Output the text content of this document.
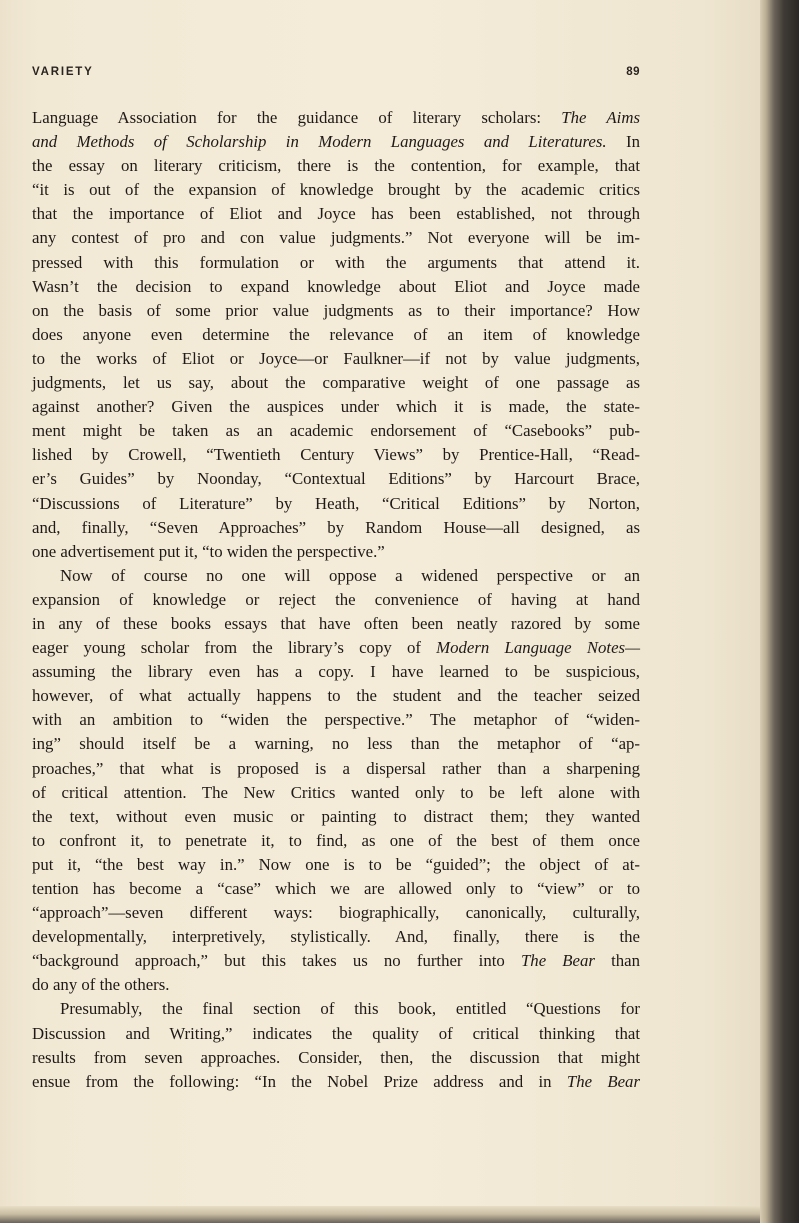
VARIETY	89
Language Association for the guidance of literary scholars: The Aims
and Methods of Scholarship in Modern Languages and Literatures. In
the essay on literary criticism, there is the contention, for example, that
“it is out of the expansion of knowledge brought by the academic critics
that the importance of Eliot and Joyce has been established, not through
any contest of pro and con value judgments.” Not everyone will be im-
pressed with this formulation or with the arguments that attend it.
Wasn’t the decision to expand knowledge about Eliot and Joyce made
on the basis of some prior value judgments as to their importance? How
does anyone even determine the relevance of an item of knowledge
to the works of Eliot or Joyce—or Faulkner—if not by value judgments,
judgments, let us say, about the comparative weight of one passage as
against another? Given the auspices under which it is made, the state-
ment might be taken as an academic endorsement of “Casebooks” pub-
lished by Crowell, “Twentieth Century Views” by Prentice-Hall, “Read-
er’s Guides” by Noonday, “Contextual Editions” by Harcourt Brace,
“Discussions of Literature” by Heath, “Critical Editions” by Norton,
and, finally, “Seven Approaches” by Random House—all designed, as
one advertisement put it, “to widen the perspective.”
Now of course no one will oppose a widened perspective or an
expansion of knowledge or reject the convenience of having at hand
in any of these books essays that have often been neatly razored by some
eager young scholar from the library’s copy of Modern Language Notes—
assuming the library even has a copy. I have learned to be suspicious,
however, of what actually happens to the student and the teacher seized
with an ambition to “widen the perspective.” The metaphor of “widen-
ing” should itself be a warning, no less than the metaphor of “ap-
proaches,” that what is proposed is a dispersal rather than a sharpening
of critical attention. The New Critics wanted only to be left alone with
the text, without even music or painting to distract them; they wanted
to confront it, to penetrate it, to find, as one of the best of them once
put it, “the best way in.” Now one is to be “guided”; the object of at-
tention has become a “case” which we are allowed only to “view” or to
“approach”—seven different ways: biographically, canonically, culturally,
developmentally, interpretively, stylistically. And, finally, there is the
“background approach,” but this takes us no further into The Bear than
do any of the others.
Presumably, the final section of this book, entitled “Questions for
Discussion and Writing,” indicates the quality of critical thinking that
results from seven approaches. Consider, then, the discussion that might
ensue from the following: “In the Nobel Prize address and in The Bear
